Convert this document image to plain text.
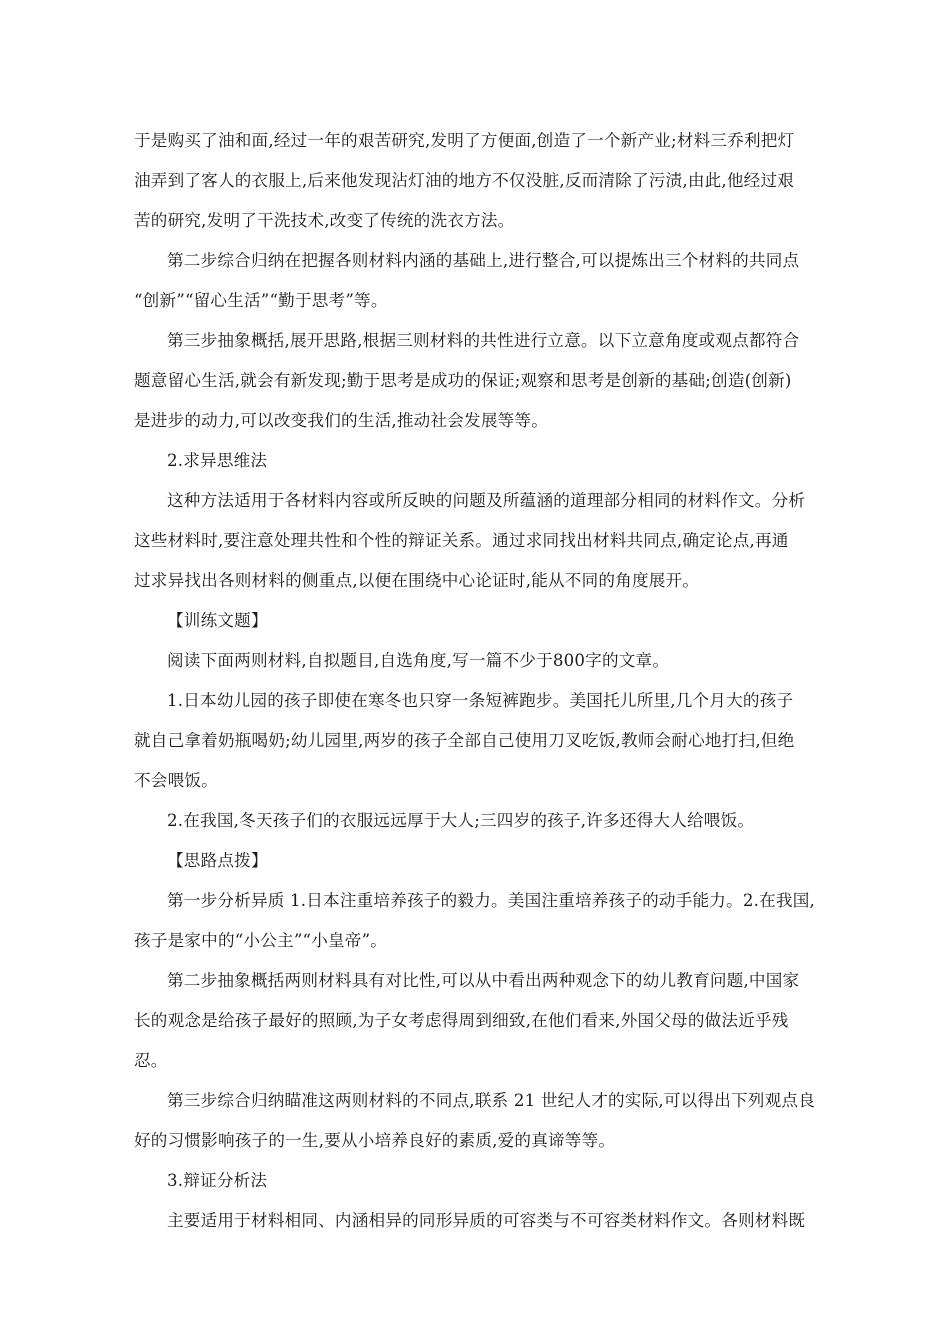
于是购买了油和面,经过一年的艰苦研究,发明了方便面,创造了一个新产业;材料三乔利把灯
油弄到了客人的衣服上,后来他发现沾灯油的地方不仅没脏,反而清除了污渍,由此,他经过艰
苦的研究,发明了干洗技术,改变了传统的洗衣方法。
第二步综合归纳在把握各则材料内涵的基础上,进行整合,可以提炼出三个材料的共同点
“创新”“留心生活”“勤于思考”等。
第三步抽象概括,展开思路,根据三则材料的共性进行立意。以下立意角度或观点都符合
题意留心生活,就会有新发现;勤于思考是成功的保证;观察和思考是创新的基础;创造(创新)
是进步的动力,可以改变我们的生活,推动社会发展等等。
2.求异思维法
这种方法适用于各材料内容或所反映的问题及所蕴涵的道理部分相同的材料作文。分析
这些材料时,要注意处理共性和个性的辩证关系。通过求同找出材料共同点,确定论点,再通
过求异找出各则材料的侧重点,以便在围绕中心论证时,能从不同的角度展开。
【训练文题】
阅读下面两则材料,自拟题目,自选角度,写一篇不少于800字的文章。
1.日本幼儿园的孩子即使在寒冬也只穿一条短裤跑步。美国托儿所里,几个月大的孩子
就自己拿着奶瓶喝奶;幼儿园里,两岁的孩子全部自己使用刀叉吃饭,教师会耐心地打扫,但绝
不会喂饭。
2.在我国,冬天孩子们的衣服远远厚于大人;三四岁的孩子,许多还得大人给喂饭。
【思路点拨】
第一步分析异质 1.日本注重培养孩子的毅力。美国注重培养孩子的动手能力。2.在我国,
孩子是家中的“小公主”“小皇帝”。
第二步抽象概括两则材料具有对比性,可以从中看出两种观念下的幼儿教育问题,中国家
长的观念是给孩子最好的照顾,为子女考虑得周到细致,在他们看来,外国父母的做法近乎残
忍。
第三步综合归纳瞄准这两则材料的不同点,联系 21 世纪人才的实际,可以得出下列观点良
好的习惯影响孩子的一生,要从小培养良好的素质,爱的真谛等等。
3.辩证分析法
主要适用于材料相同、内涵相异的同形异质的可容类与不可容类材料作文。各则材料既
